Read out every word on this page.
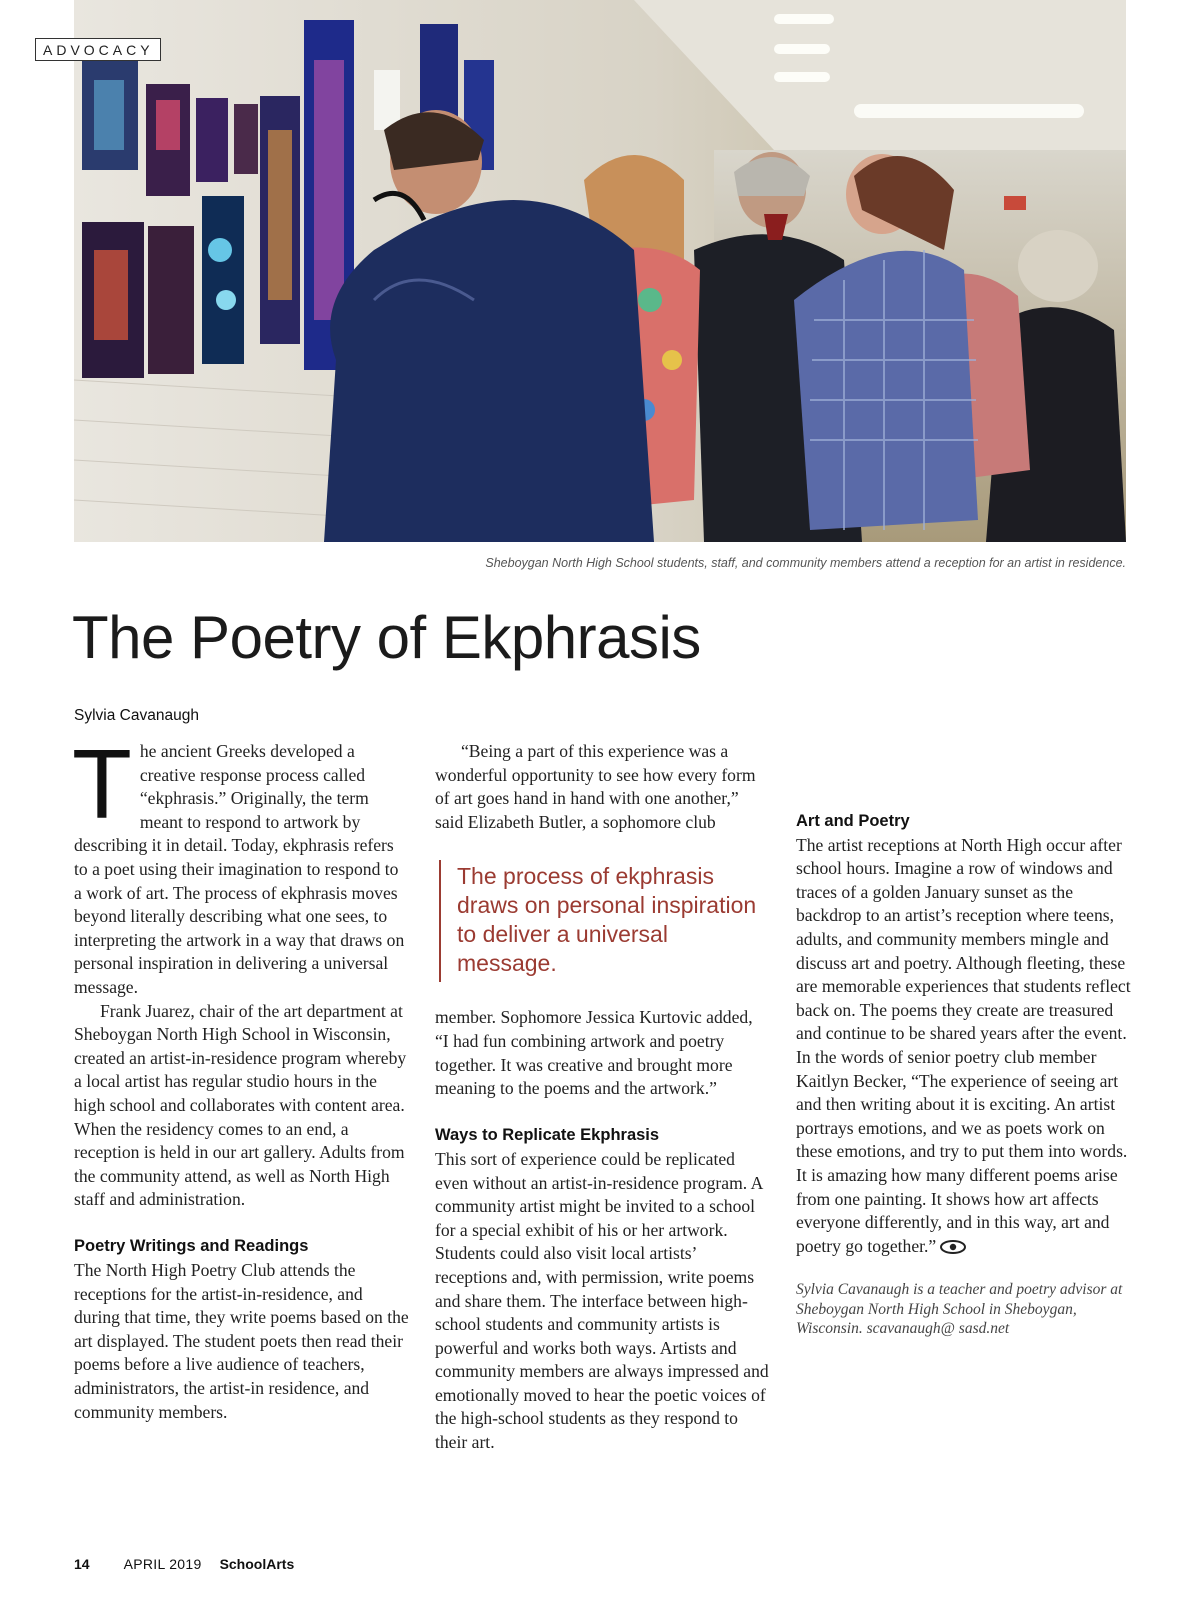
ADVOCACY
Sheboygan North High School students, staff, and community members attend a reception for an artist in residence.
The Poetry of Ekphrasis
Sylvia Cavanaugh

The ancient Greeks developed a creative response process called “ekphrasis.” Originally, the term meant to respond to artwork by describing it in detail. Today, ekphrasis refers to a poet using their imagination to respond to a work of art. The process of ekphrasis moves beyond literally describing what one sees, to interpreting the artwork in a way that draws on personal inspiration in delivering a universal message.

Frank Juarez, chair of the art department at Sheboygan North High School in Wisconsin, created an artist-in-residence program whereby a local artist has regular studio hours in the high school and collaborates with content area. When the residency comes to an end, a reception is held in our art gallery. Adults from the community attend, as well as North High staff and administration.

Poetry Writings and Readings

The North High Poetry Club attends the receptions for the artist-in-residence, and during that time, they write poems based on the art displayed. The student poets then read their poems before a live audience of teachers, administrators, the artist-in residence, and community members.

“Being a part of this experience was a wonderful opportunity to see how every form of art goes hand in hand with one another,” said Elizabeth Butler, a sophomore club

The process of ekphrasis draws on personal inspiration to deliver a universal message.

member. Sophomore Jessica Kurtovic added, “I had fun combining artwork and poetry together. It was creative and brought more meaning to the poems and the artwork.”

Ways to Replicate Ekphrasis

This sort of experience could be replicated even without an artist-in-residence program. A community artist might be invited to a school for a special exhibit of his or her artwork. Students could also visit local artists’ receptions and, with permission, write poems and share them. The interface between high-school students and community artists is powerful and works both ways. Artists and community members are always impressed and emotionally moved to hear the poetic voices of the high-school students as they respond to their art.

Art and Poetry

The artist receptions at North High occur after school hours. Imagine a row of windows and traces of a golden January sunset as the backdrop to an artist’s reception where teens, adults, and community members mingle and discuss art and poetry. Although fleeting, these are memorable experiences that students reflect back on. The poems they create are treasured and continue to be shared years after the event. In the words of senior poetry club member Kaitlyn Becker, “The experience of seeing art and then writing about it is exciting. An artist portrays emotions, and we as poets work on these emotions, and try to put them into words. It is amazing how many different poems arise from one painting. It shows how art affects everyone differently, and in this way, art and poetry go together.”

Sylvia Cavanaugh is a teacher and poetry advisor at Sheboygan North High School in Sheboygan, Wisconsin. scavanaugh@ sasd.net

14 APRIL 2019 SchoolArts
